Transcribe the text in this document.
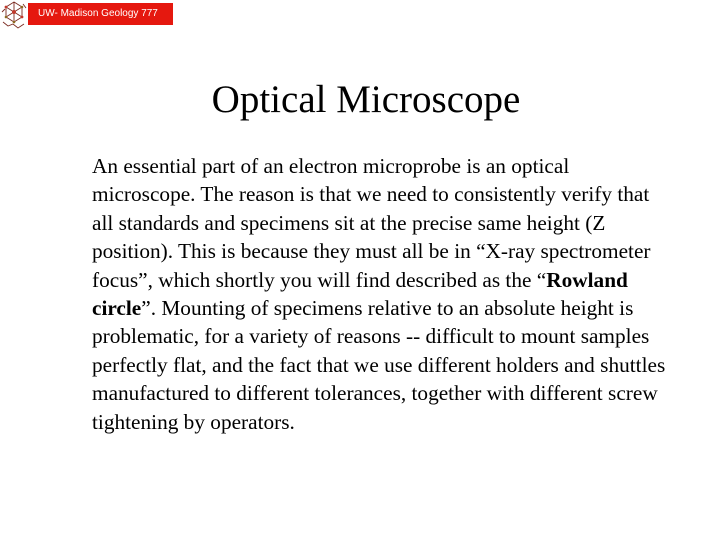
UW- Madison Geology 777
Optical Microscope

An essential part of an electron microprobe is an optical microscope. The reason is that we need to consistently verify that all standards and specimens sit at the precise same height (Z position). This is because they must all be in “X-ray spectrometer focus”, which shortly you will find described as the “Rowland circle”. Mounting of specimens relative to an absolute height is problematic, for a variety of reasons -- difficult to mount samples perfectly flat, and the fact that we use different holders and shuttles manufactured to different tolerances, together with different screw tightening by operators.
